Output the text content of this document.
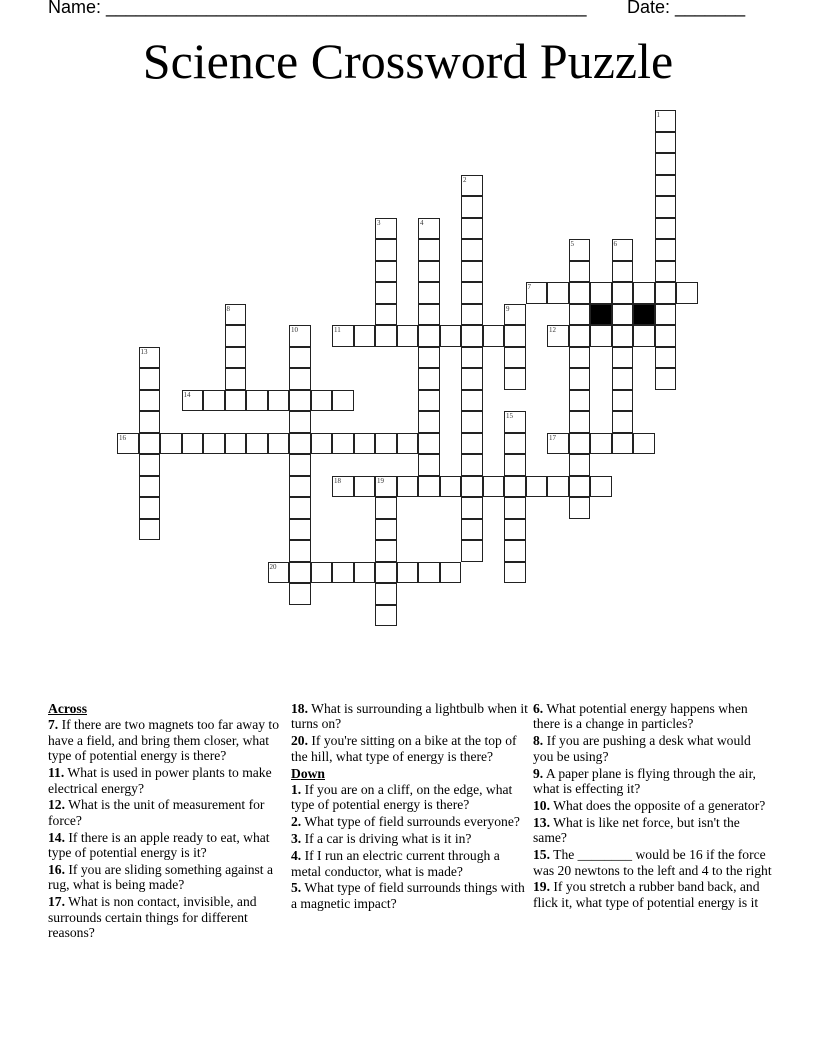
Name: ________________________________________________ Date: _______
Science Crossword Puzzle
1
2
3	4
5	6
7
8	9
10	11	12
13
14
15
16	17
18	19
20
Across
7. If there are two magnets too far away to have a field, and bring them closer, what type of potential energy is there?
11. What is used in power plants to make electrical energy?
12. What is the unit of measurement for force?
14. If there is an apple ready to eat, what type of potential energy is it?
16. If you are sliding something against a rug, what is being made?
17. What is non contact, invisible, and surrounds certain things for different reasons?
18. What is surrounding a lightbulb when it turns on?
20. If you're sitting on a bike at the top of the hill, what type of energy is there?
Down
1. If you are on a cliff, on the edge, what type of potential energy is there?
2. What type of field surrounds everyone?
3. If a car is driving what is it in?
4. If I run an electric current through a metal conductor, what is made?
5. What type of field surrounds things with a magnetic impact?
6. What potential energy happens when there is a change in particles?
8. If you are pushing a desk what would you be using?
9. A paper plane is flying through the air, what is effecting it?
10. What does the opposite of a generator?
13. What is like net force, but isn't the same?
15. The ________ would be 16 if the force was 20 newtons to the left and 4 to the right
19. If you stretch a rubber band back, and flick it, what type of potential energy is it
